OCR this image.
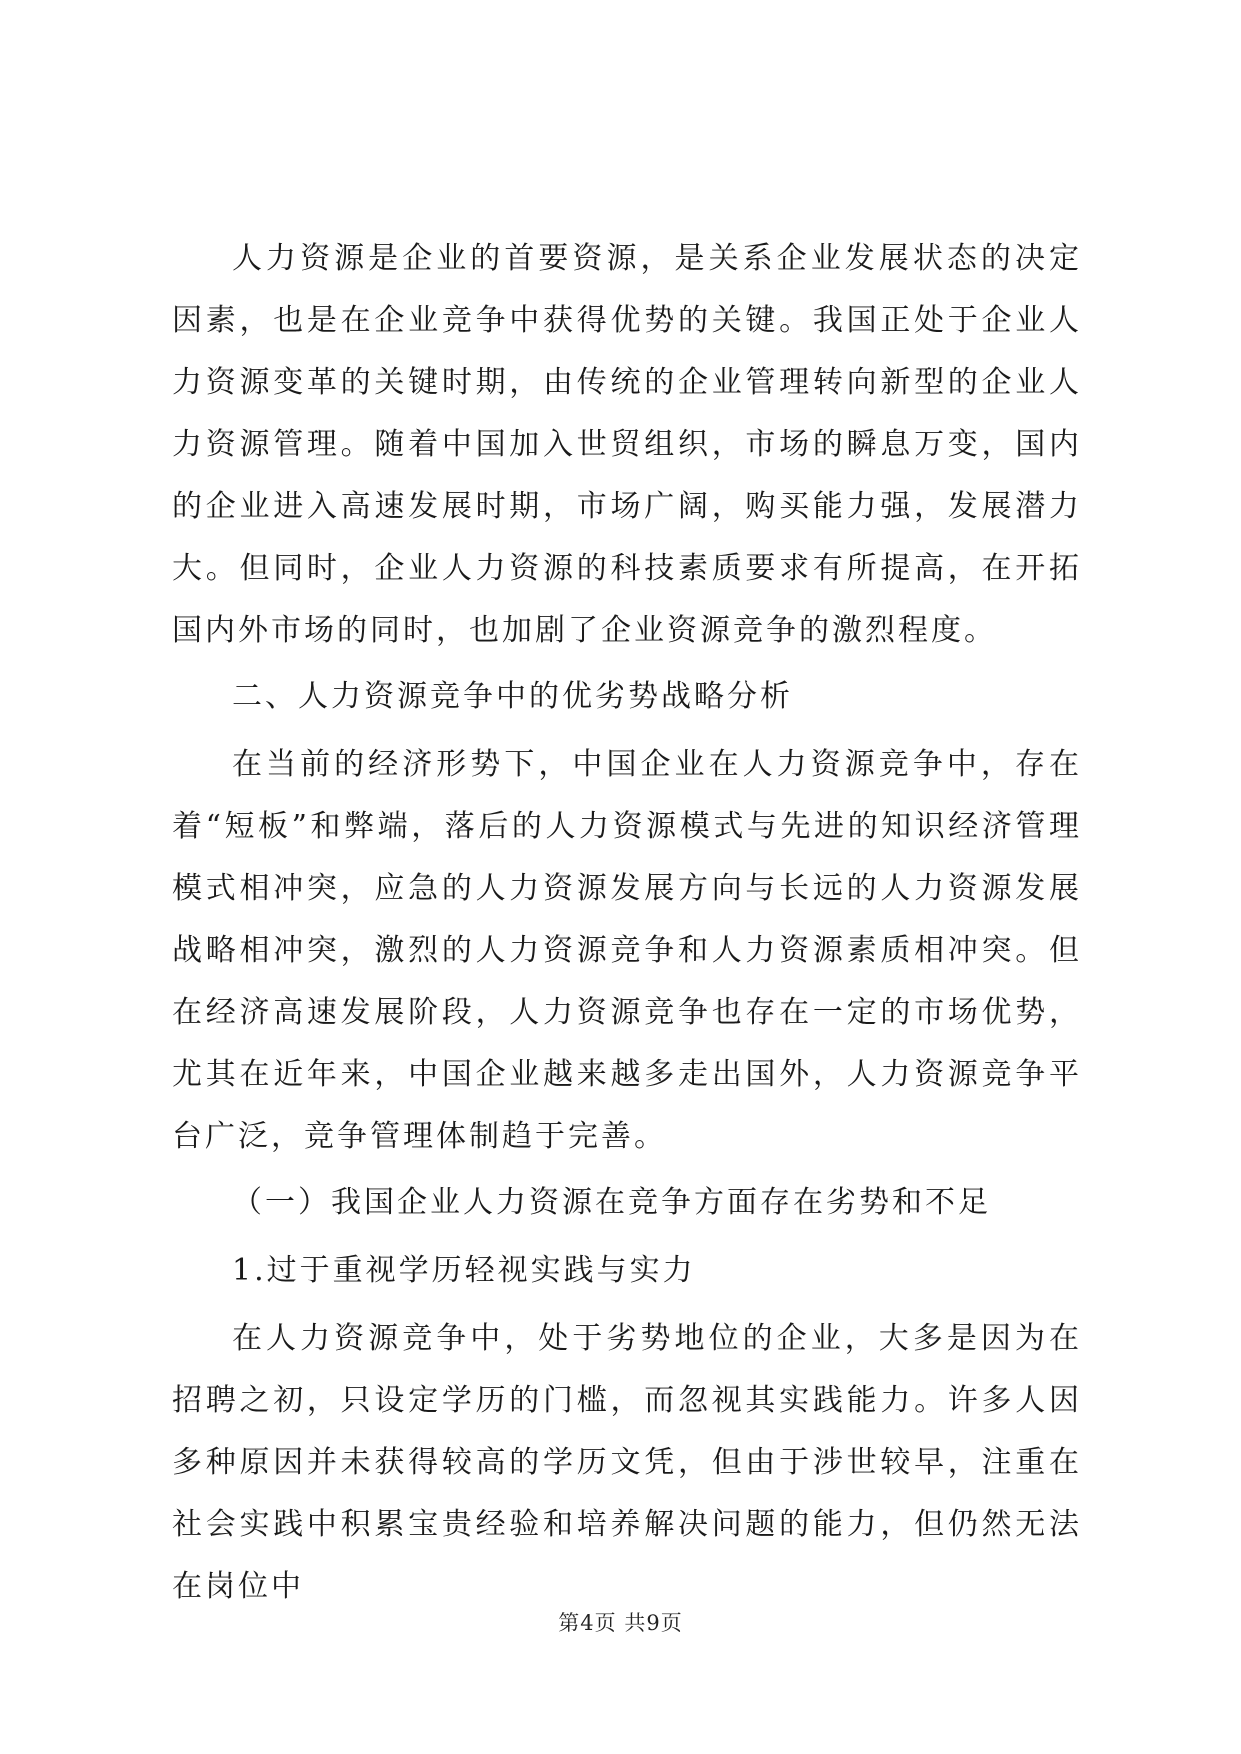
人力资源是企业的首要资源，是关系企业发展状态的决定因素，也是在企业竞争中获得优势的关键。我国正处于企业人力资源变革的关键时期，由传统的企业管理转向新型的企业人力资源管理。随着中国加入世贸组织，市场的瞬息万变，国内的企业进入高速发展时期，市场广阔，购买能力强，发展潜力大。但同时，企业人力资源的科技素质要求有所提高，在开拓国内外市场的同时，也加剧了企业资源竞争的激烈程度。

二、人力资源竞争中的优劣势战略分析

在当前的经济形势下，中国企业在人力资源竞争中，存在着“短板”和弊端，落后的人力资源模式与先进的知识经济管理模式相冲突，应急的人力资源发展方向与长远的人力资源发展战略相冲突，激烈的人力资源竞争和人力资源素质相冲突。但在经济高速发展阶段，人力资源竞争也存在一定的市场优势，尤其在近年来，中国企业越来越多走出国外，人力资源竞争平台广泛，竞争管理体制趋于完善。

（一）我国企业人力资源在竞争方面存在劣势和不足

1.过于重视学历轻视实践与实力

在人力资源竞争中，处于劣势地位的企业，大多是因为在招聘之初，只设定学历的门槛，而忽视其实践能力。许多人因多种原因并未获得较高的学历文凭，但由于涉世较早，注重在社会实践中积累宝贵经验和培养解决问题的能力，但仍然无法在岗位中

第4页 共9页
